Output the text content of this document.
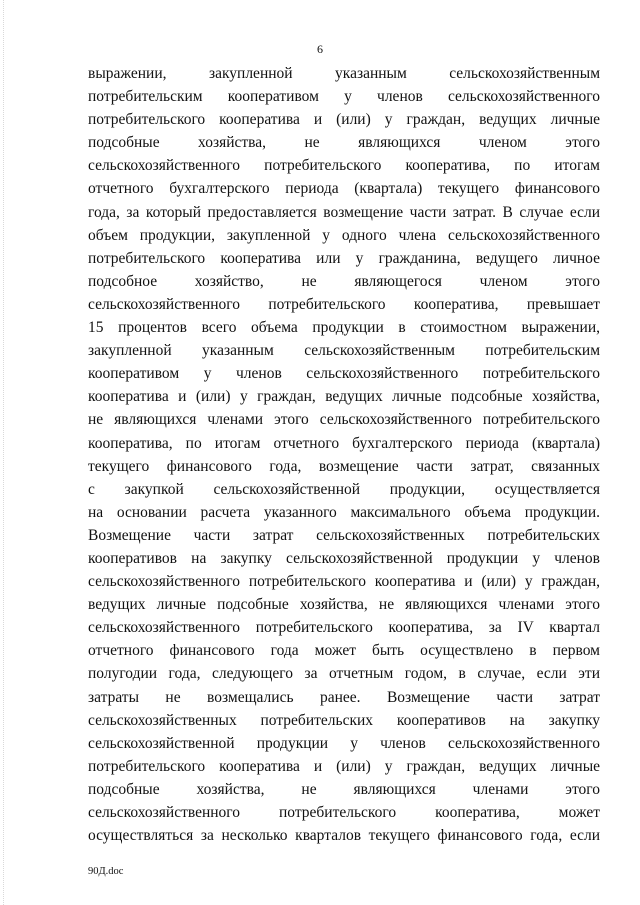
6
выражении, закупленной указанным сельскохозяйственным
потребительским кооперативом у членов сельскохозяйственного
потребительского кооператива и (или) у граждан, ведущих личные
подсобные хозяйства, не являющихся членом этого
сельскохозяйственного потребительского кооператива, по итогам
отчетного бухгалтерского периода (квартала) текущего финансового
года, за который предоставляется возмещение части затрат. В случае если
объем продукции, закупленной у одного члена сельскохозяйственного
потребительского кооператива или у гражданина, ведущего личное
подсобное хозяйство, не являющегося членом этого
сельскохозяйственного потребительского кооператива, превышает
15 процентов всего объема продукции в стоимостном выражении,
закупленной указанным сельскохозяйственным потребительским
кооперативом у членов сельскохозяйственного потребительского
кооператива и (или) у граждан, ведущих личные подсобные хозяйства,
не являющихся членами этого сельскохозяйственного потребительского
кооператива, по итогам отчетного бухгалтерского периода (квартала)
текущего финансового года, возмещение части затрат, связанных
с закупкой сельскохозяйственной продукции, осуществляется
на основании расчета указанного максимального объема продукции.
Возмещение части затрат сельскохозяйственных потребительских
кооперативов на закупку сельскохозяйственной продукции у членов
сельскохозяйственного потребительского кооператива и (или) у граждан,
ведущих личные подсобные хозяйства, не являющихся членами этого
сельскохозяйственного потребительского кооператива, за IV квартал
отчетного финансового года может быть осуществлено в первом
полугодии года, следующего за отчетным годом, в случае, если эти
затраты не возмещались ранее. Возмещение части затрат
сельскохозяйственных потребительских кооперативов на закупку
сельскохозяйственной продукции у членов сельскохозяйственного
потребительского кооператива и (или) у граждан, ведущих личные
подсобные хозяйства, не являющихся членами этого
сельскохозяйственного потребительского кооператива, может
осуществляться за несколько кварталов текущего финансового года, если
90Д.doc
